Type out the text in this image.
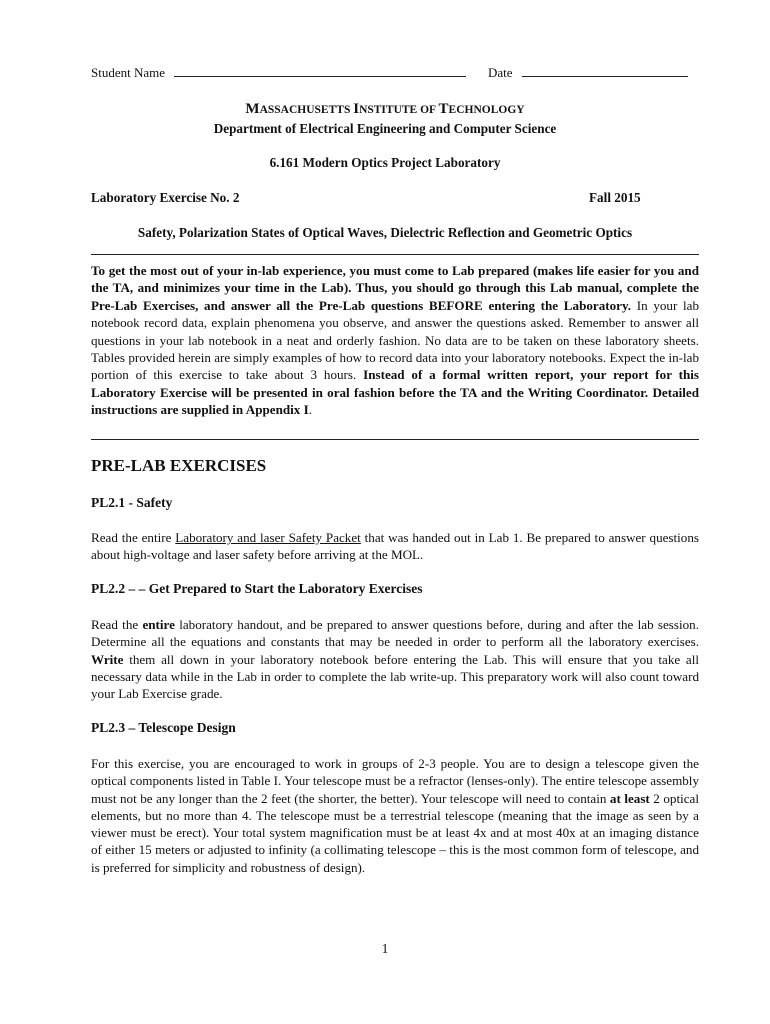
Student Name	Date
MASSACHUSETTS INSTITUTE OF TECHNOLOGY
Department of Electrical Engineering and Computer Science
6.161 Modern Optics Project Laboratory
Laboratory Exercise No. 2	Fall 2015
Safety, Polarization States of Optical Waves, Dielectric Reflection and Geometric Optics
To get the most out of your in-lab experience, you must come to Lab prepared (makes life easier for you and the TA, and minimizes your time in the Lab). Thus, you should go through this Lab manual, complete the Pre-Lab Exercises, and answer all the Pre-Lab questions BEFORE entering the Laboratory. In your lab notebook record data, explain phenomena you observe, and answer the questions asked. Remember to answer all questions in your lab notebook in a neat and orderly fashion. No data are to be taken on these laboratory sheets. Tables provided herein are simply examples of how to record data into your laboratory notebooks. Expect the in-lab portion of this exercise to take about 3 hours. Instead of a formal written report, your report for this Laboratory Exercise will be presented in oral fashion before the TA and the Writing Coordinator. Detailed instructions are supplied in Appendix I.
PRE-LAB EXERCISES
PL2.1 - Safety
Read the entire Laboratory and laser Safety Packet that was handed out in Lab 1. Be prepared to answer questions about high-voltage and laser safety before arriving at the MOL.
PL2.2 – – Get Prepared to Start the Laboratory Exercises
Read the entire laboratory handout, and be prepared to answer questions before, during and after the lab session. Determine all the equations and constants that may be needed in order to perform all the laboratory exercises. Write them all down in your laboratory notebook before entering the Lab. This will ensure that you take all necessary data while in the Lab in order to complete the lab write-up. This preparatory work will also count toward your Lab Exercise grade.
PL2.3 – Telescope Design
For this exercise, you are encouraged to work in groups of 2-3 people. You are to design a telescope given the optical components listed in Table I. Your telescope must be a refractor (lenses-only). The entire telescope assembly must not be any longer than the 2 feet (the shorter, the better). Your telescope will need to contain at least 2 optical elements, but no more than 4. The telescope must be a terrestrial telescope (meaning that the image as seen by a viewer must be erect). Your total system magnification must be at least 4x and at most 40x at an imaging distance of either 15 meters or adjusted to infinity (a collimating telescope – this is the most common form of telescope, and is preferred for simplicity and robustness of design).
1
